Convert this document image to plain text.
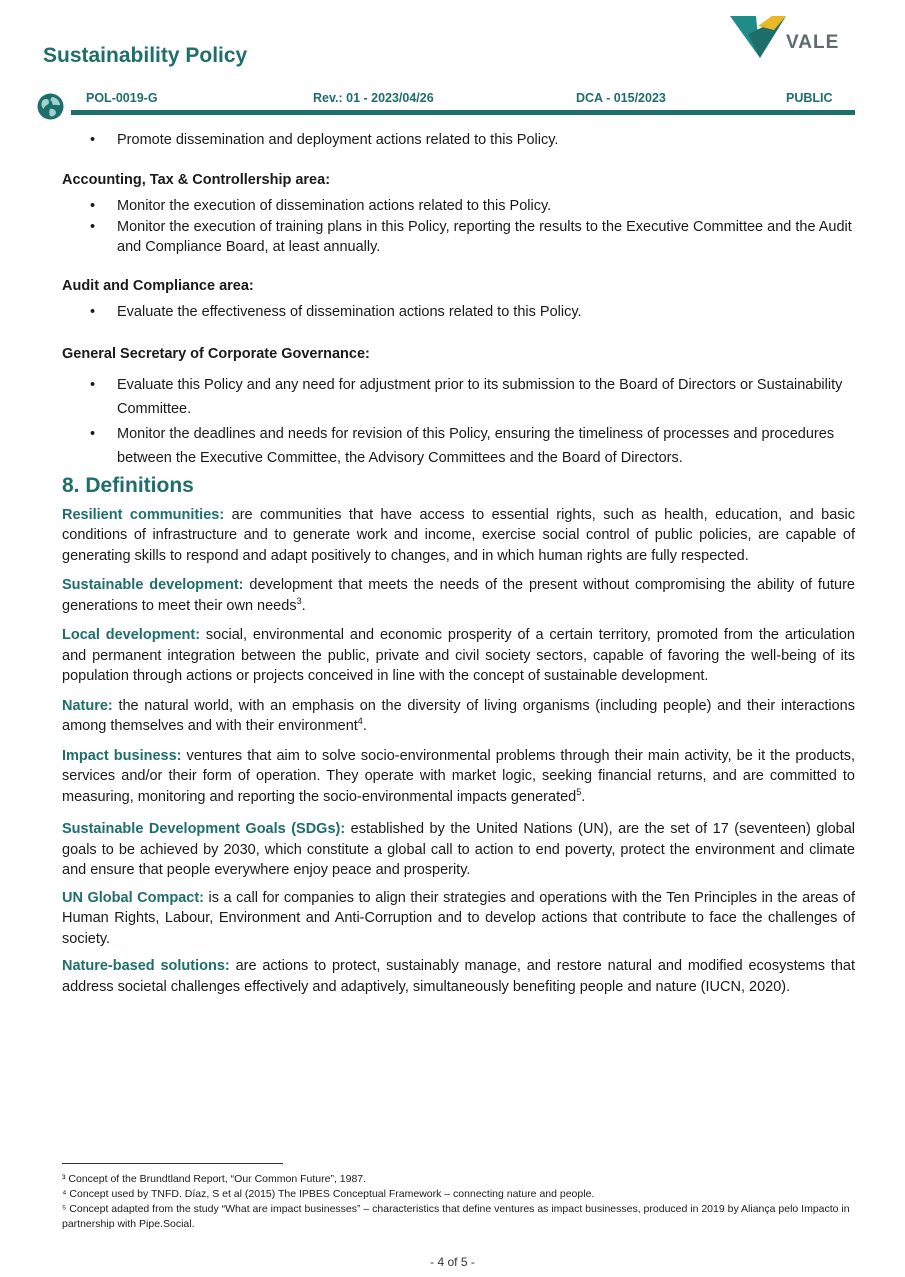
Sustainability Policy
VALE
POL-0019-G	Rev.: 01 - 2023/04/26	DCA - 015/2023	PUBLIC

• Promote dissemination and deployment actions related to this Policy.

Accounting, Tax & Controllership area:

• Monitor the execution of dissemination actions related to this Policy.

• Monitor the execution of training plans in this Policy, reporting the results to the Executive Committee and the Audit and Compliance Board, at least annually.

Audit and Compliance area:

• Evaluate the effectiveness of dissemination actions related to this Policy.

General Secretary of Corporate Governance:

• Evaluate this Policy and any need for adjustment prior to its submission to the Board of Directors or Sustainability Committee.

• Monitor the deadlines and needs for revision of this Policy, ensuring the timeliness of processes and procedures between the Executive Committee, the Advisory Committees and the Board of Directors.

8. Definitions

Resilient communities: are communities that have access to essential rights, such as health, education, and basic conditions of infrastructure and to generate work and income, exercise social control of public policies, are capable of generating skills to respond and adapt positively to changes, and in which human rights are fully respected.

Sustainable development: development that meets the needs of the present without compromising the ability of future generations to meet their own needs$^3$.

Local development: social, environmental and economic prosperity of a certain territory, promoted from the articulation and permanent integration between the public, private and civil society sectors, capable of favoring the well-being of its population through actions or projects conceived in line with the concept of sustainable development.

Nature: the natural world, with an emphasis on the diversity of living organisms (including people) and their interactions among themselves and with their environment$^4$.

Impact business: ventures that aim to solve socio-environmental problems through their main activity, be it the products, services and/or their form of operation. They operate with market logic, seeking financial returns, and are committed to measuring, monitoring and reporting the socio-environmental impacts generated$^5$.

Sustainable Development Goals (SDGs): established by the United Nations (UN), are the set of 17 (seventeen) global goals to be achieved by 2030, which constitute a global call to action to end poverty, protect the environment and climate and ensure that people everywhere enjoy peace and prosperity.

UN Global Compact: is a call for companies to align their strategies and operations with the Ten Principles in the areas of Human Rights, Labour, Environment and Anti-Corruption and to develop actions that contribute to face the challenges of society.

Nature-based solutions: are actions to protect, sustainably manage, and restore natural and modified ecosystems that address societal challenges effectively and adaptively, simultaneously benefiting people and nature (IUCN, 2020).

³ Concept of the Brundtland Report, “Our Common Future”, 1987.

⁴ Concept used by TNFD. Díaz, S et al (2015) The IPBES Conceptual Framework – connecting nature and people.

⁵ Concept adapted from the study “What are impact businesses” – characteristics that define ventures as impact businesses, produced in 2019 by Aliança pelo Impacto in partnership with Pipe.Social.

- 4 of 5 -
